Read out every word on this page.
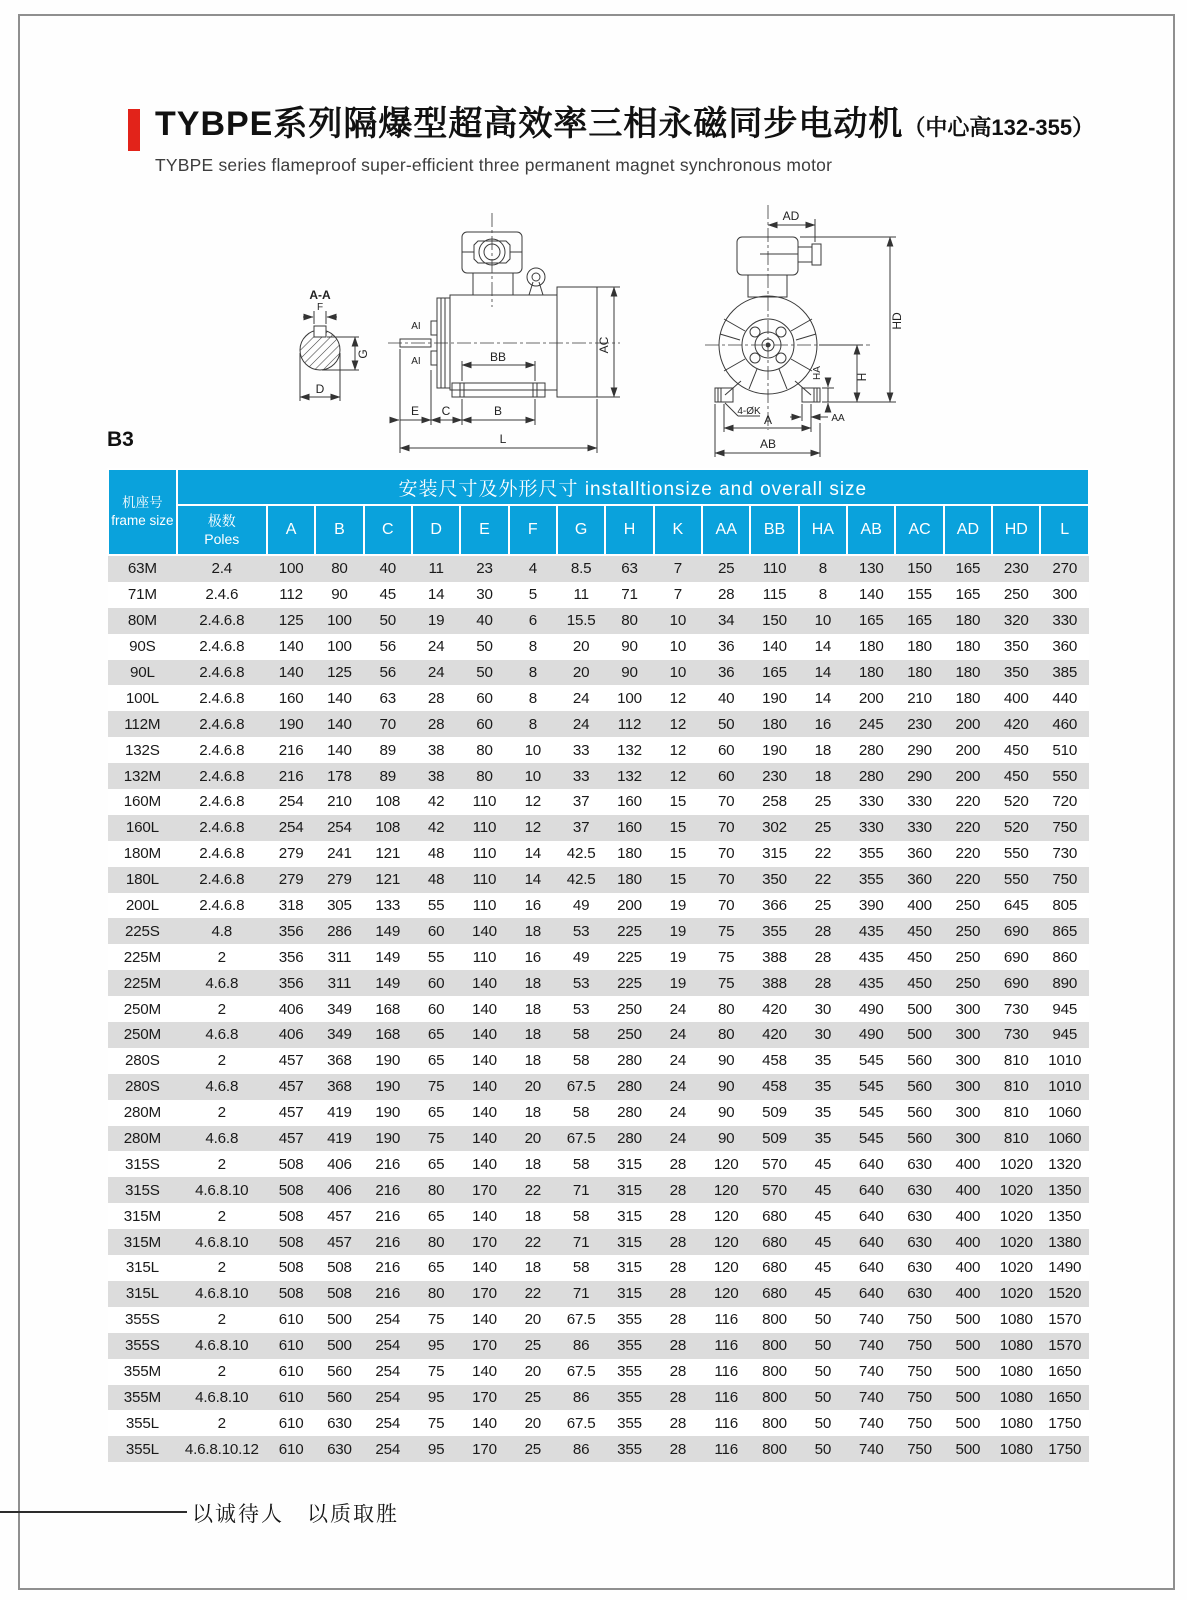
TYBPE系列隔爆型超高效率三相永磁同步电动机（中心高132-355）
TYBPE series flameproof super-efficient three permanent magnet synchronous motor
A-A
F
G
D
AI
AI	BB
AC
E C	B
L
AD
HD
H
HA
AA
A
AB
4-ØK
B3
机座号
frame size	安装尺寸及外形尺寸 installtionsize and overall size																	

	极数
Poles	A	B	C	D	E	F	G	H	K	AA	BB	HA	AB	AC	AD	HD	L
63M	2.4	100	80	40	11	23	4	8.5	63	7	25	110	8	130	150	165	230	270
71M	2.4.6	112	90	45	14	30	5	11	71	7	28	115	8	140	155	165	250	300
80M	2.4.6.8	125	100	50	19	40	6	15.5	80	10	34	150	10	165	165	180	320	330
90S	2.4.6.8	140	100	56	24	50	8	20	90	10	36	140	14	180	180	180	350	360
90L	2.4.6.8	140	125	56	24	50	8	20	90	10	36	165	14	180	180	180	350	385
100L	2.4.6.8	160	140	63	28	60	8	24	100	12	40	190	14	200	210	180	400	440
112M	2.4.6.8	190	140	70	28	60	8	24	112	12	50	180	16	245	230	200	420	460
132S	2.4.6.8	216	140	89	38	80	10	33	132	12	60	190	18	280	290	200	450	510
132M	2.4.6.8	216	178	89	38	80	10	33	132	12	60	230	18	280	290	200	450	550
160M	2.4.6.8	254	210	108	42	110	12	37	160	15	70	258	25	330	330	220	520	720
160L	2.4.6.8	254	254	108	42	110	12	37	160	15	70	302	25	330	330	220	520	750
180M	2.4.6.8	279	241	121	48	110	14	42.5	180	15	70	315	22	355	360	220	550	730
180L	2.4.6.8	279	279	121	48	110	14	42.5	180	15	70	350	22	355	360	220	550	750
200L	2.4.6.8	318	305	133	55	110	16	49	200	19	70	366	25	390	400	250	645	805
225S	4.8	356	286	149	60	140	18	53	225	19	75	355	28	435	450	250	690	865
225M	2	356	311	149	55	110	16	49	225	19	75	388	28	435	450	250	690	860
225M	4.6.8	356	311	149	60	140	18	53	225	19	75	388	28	435	450	250	690	890
250M	2	406	349	168	60	140	18	53	250	24	80	420	30	490	500	300	730	945
250M	4.6.8	406	349	168	65	140	18	58	250	24	80	420	30	490	500	300	730	945
280S	2	457	368	190	65	140	18	58	280	24	90	458	35	545	560	300	810	1010
280S	4.6.8	457	368	190	75	140	20	67.5	280	24	90	458	35	545	560	300	810	1010
280M	2	457	419	190	65	140	18	58	280	24	90	509	35	545	560	300	810	1060
280M	4.6.8	457	419	190	75	140	20	67.5	280	24	90	509	35	545	560	300	810	1060
315S	2	508	406	216	65	140	18	58	315	28	120	570	45	640	630	400	1020	1320
315S	4.6.8.10	508	406	216	80	170	22	71	315	28	120	570	45	640	630	400	1020	1350
315M	2	508	457	216	65	140	18	58	315	28	120	680	45	640	630	400	1020	1350
315M	4.6.8.10	508	457	216	80	170	22	71	315	28	120	680	45	640	630	400	1020	1380
315L	2	508	508	216	65	140	18	58	315	28	120	680	45	640	630	400	1020	1490
315L	4.6.8.10	508	508	216	80	170	22	71	315	28	120	680	45	640	630	400	1020	1520
355S	2	610	500	254	75	140	20	67.5	355	28	116	800	50	740	750	500	1080	1570
355S	4.6.8.10	610	500	254	95	170	25	86	355	28	116	800	50	740	750	500	1080	1570
355M	2	610	560	254	75	140	20	67.5	355	28	116	800	50	740	750	500	1080	1650
355M	4.6.8.10	610	560	254	95	170	25	86	355	28	116	800	50	740	750	500	1080	1650
355L	2	610	630	254	75	140	20	67.5	355	28	116	800	50	740	750	500	1080	1750
355L	4.6.8.10.12	610	630	254	95	170	25	86	355	28	116	800	50	740	750	500	1080	1750
以诚待人　以质取胜
